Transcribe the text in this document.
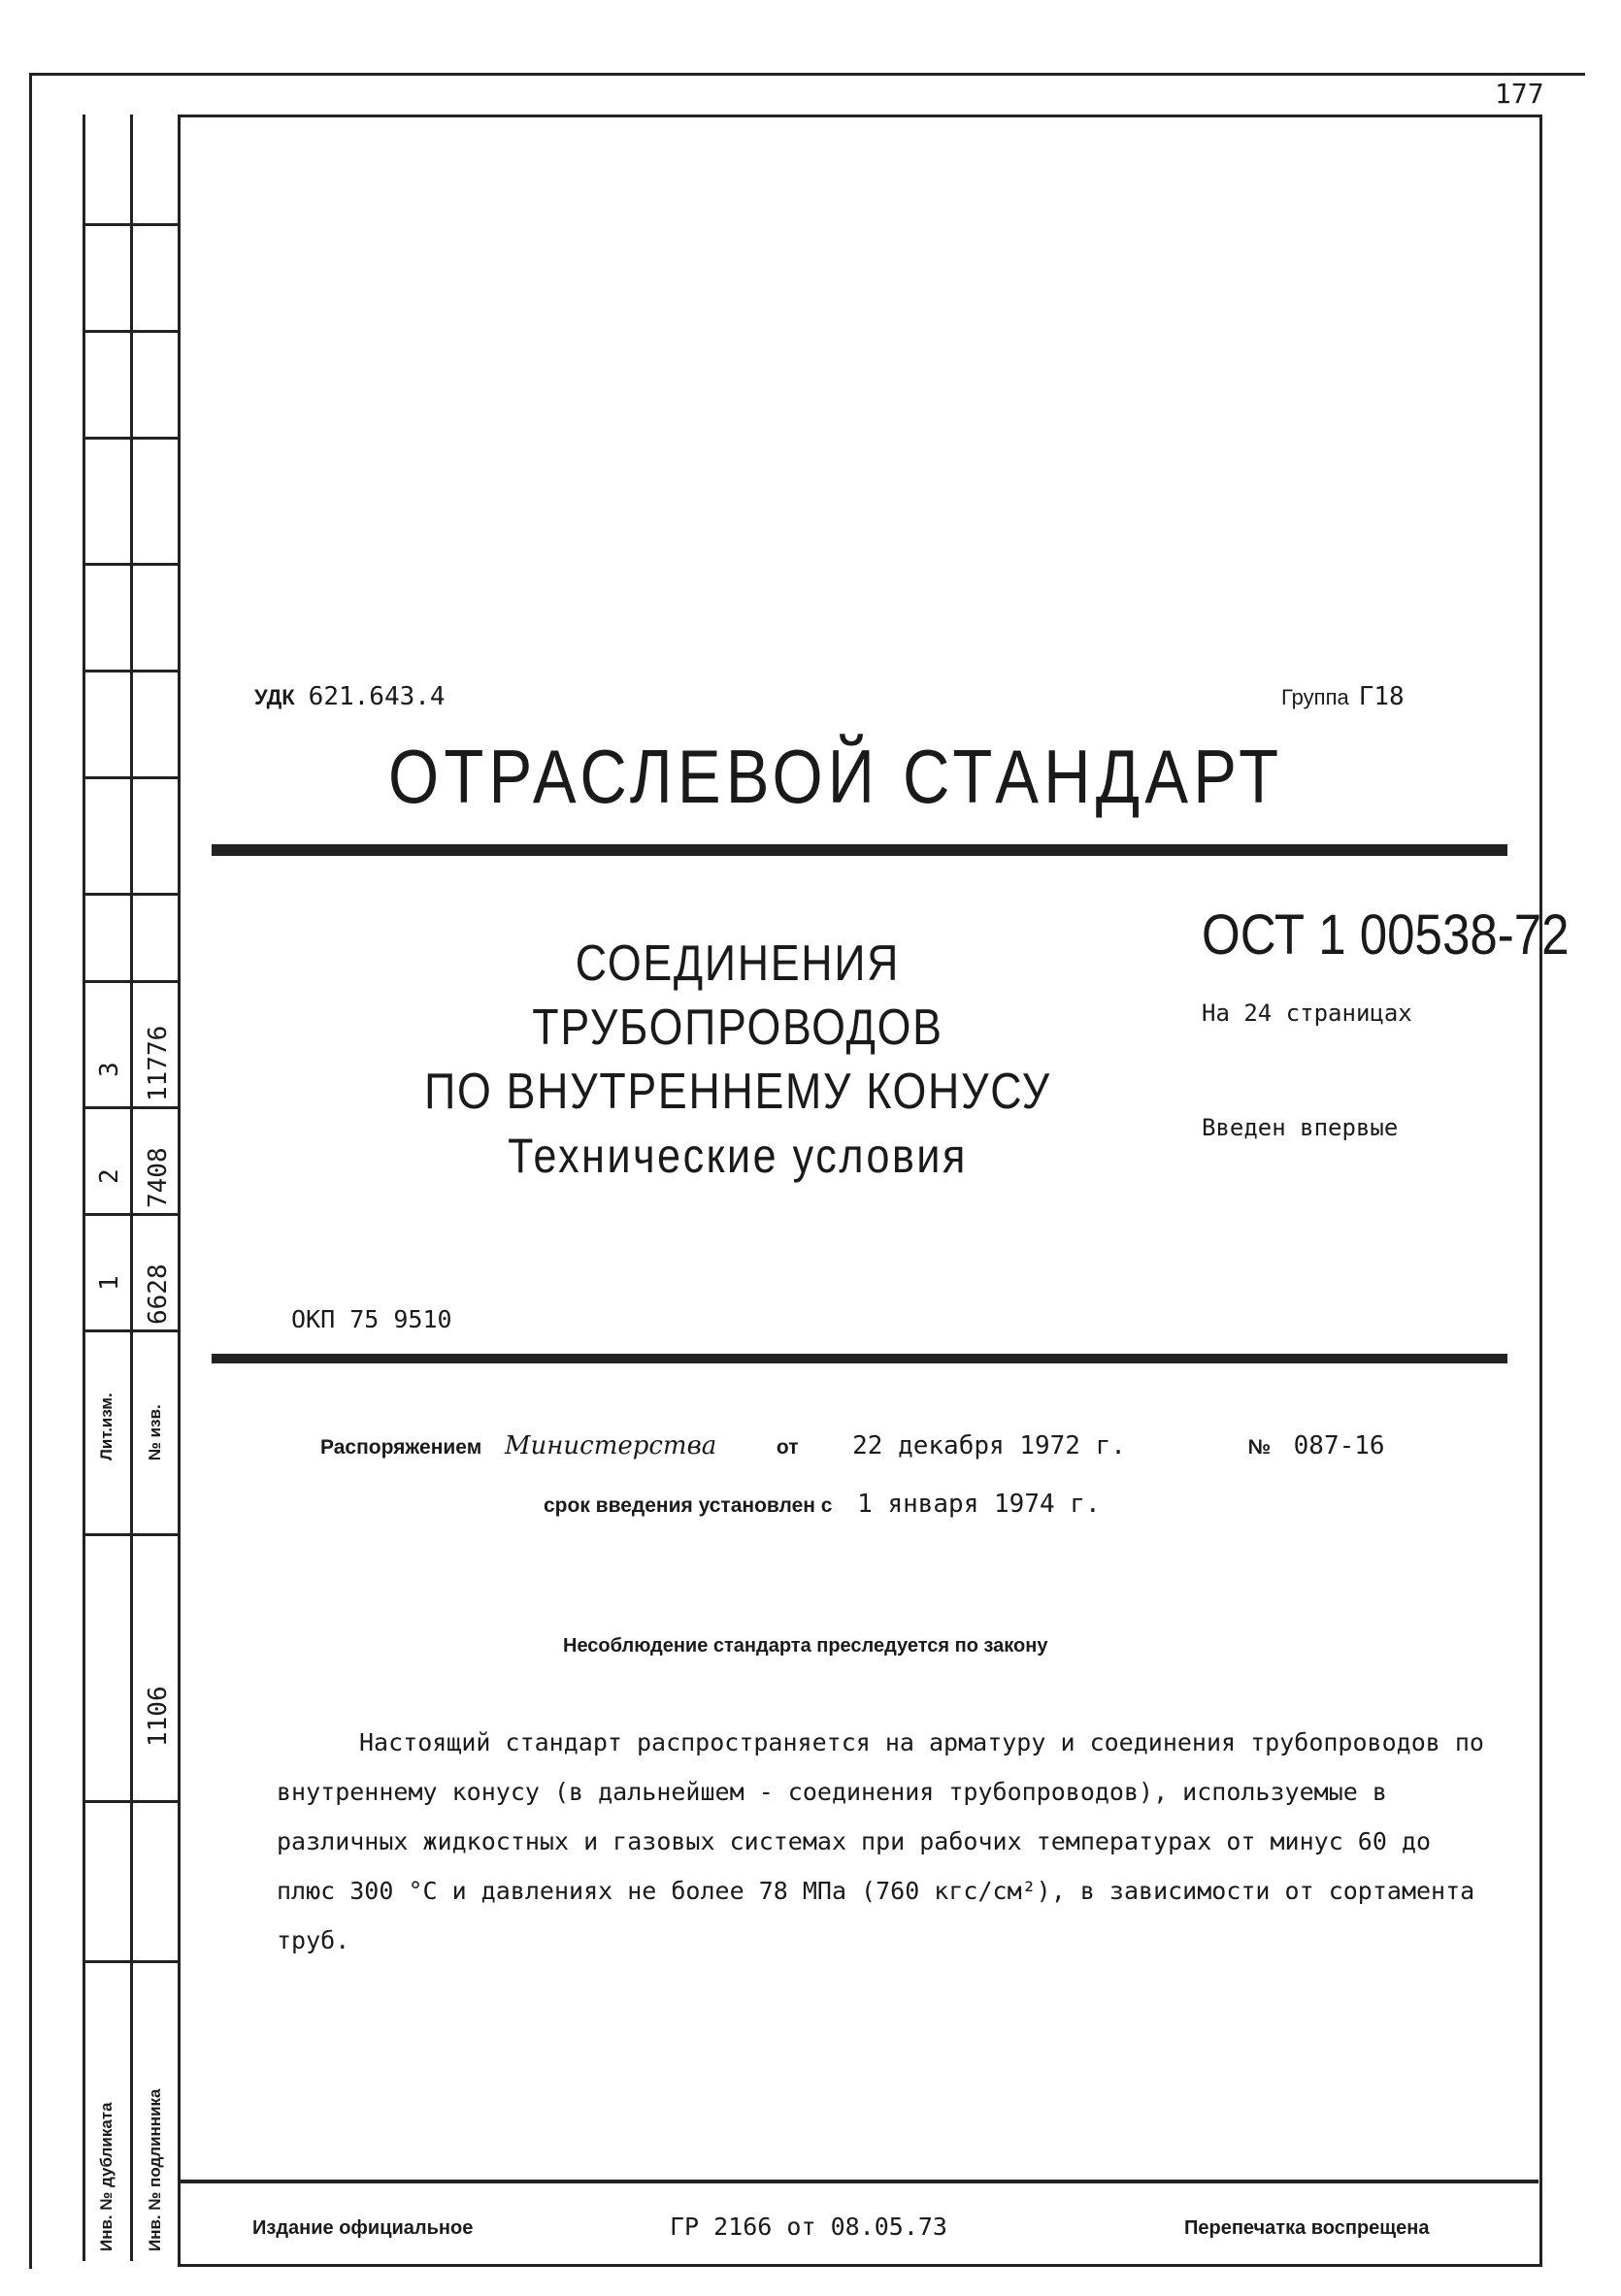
177
Лит.изм. № изв.
1 6628
2 7408
3 11776
1106
Инв. № дубликата Инв. № подлинника
УДК 621.643.4	Группа Г18
ОТРАСЛЕВОЙ СТАНДАРТ
СОЕДИНЕНИЯ ТРУБОПРОВОДОВ
ПО ВНУТРЕННЕМУ КОНУСУ
Технические условия
ОСТ 1 00538-72
На 24 страницах
Введен впервые
ОКП 75 9510
Распоряжением Министерства	от 22 декабря 1972 г.	№ 087-16
срок введения установлен с 1 января 1974 г.
Несоблюдение стандарта преследуется по закону

Настоящий стандарт распространяется на арматуру и соединения трубопроводов по внутреннему конусу (в дальнейшем - соединения трубопроводов), используемые в различных жидкостных и газовых системах при рабочих температурах от минус 60 до плюс 300 °С и давлениях не более 78 МПа (760 кгс/см²), в зависимости от сортамента труб.

Издание официальное	ГР 2166 от 08.05.73	Перепечатка воспрещена
